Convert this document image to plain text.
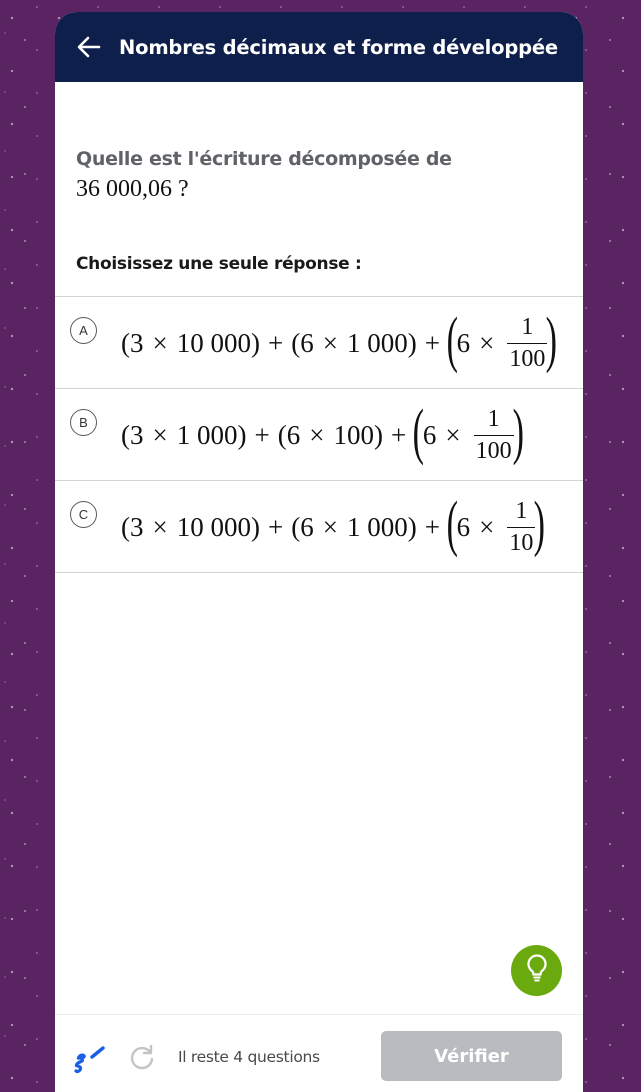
Nombres décimaux et forme développée
Quelle est l'écriture décomposée de
36 000,06 ?
Choisissez une seule réponse :
A	(3 × 10 000) + (6 × 1 000) + (
$6 \times \frac{1}{100}$
)
B	(3 × 1 000) + (6 × 100) + (
$6 \times \frac{1}{100}$
)
C	(3 × 10 000) + (6 × 1 000) + (
$6 \times \frac{1}{10}$
)
Il reste 4 questions	Vérifier
